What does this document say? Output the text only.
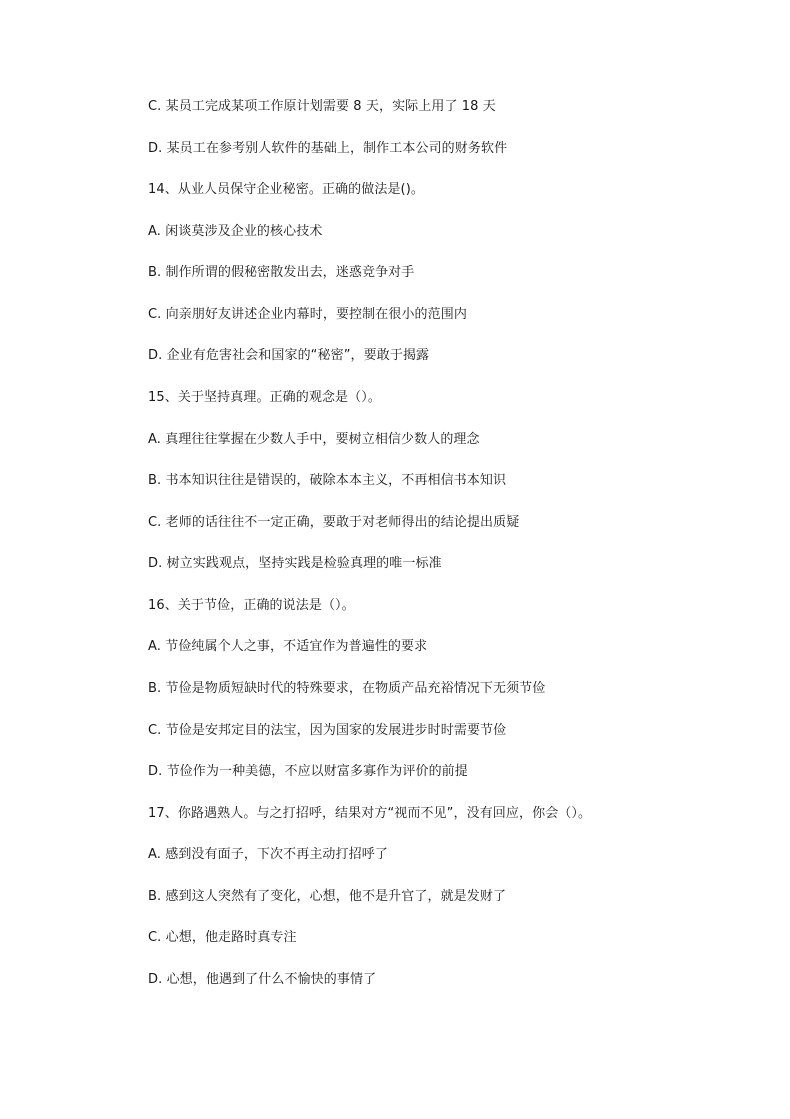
C. 某员工完成某项工作原计划需要 8 天，实际上用了 18 天
D. 某员工在参考别人软件的基础上，制作工本公司的财务软件
14、从业人员保守企业秘密。正确的做法是()。
A. 闲谈莫涉及企业的核心技术
B. 制作所谓的假秘密散发出去，迷惑竞争对手
C. 向亲朋好友讲述企业内幕时，要控制在很小的范围内
D. 企业有危害社会和国家的“秘密”，要敢于揭露
15、关于坚持真理。正确的观念是（）。
A. 真理往往掌握在少数人手中，要树立相信少数人的理念
B. 书本知识往往是错误的，破除本本主义，不再相信书本知识
C. 老师的话往往不一定正确，要敢于对老师得出的结论提出质疑
D. 树立实践观点，坚持实践是检验真理的唯一标准
16、关于节俭，正确的说法是（）。
A. 节俭纯属个人之事，不适宜作为普遍性的要求
B. 节俭是物质短缺时代的特殊要求，在物质产品充裕情况下无须节俭
C. 节俭是安邦定目的法宝，因为国家的发展进步时时需要节俭
D. 节俭作为一种美德，不应以财富多寡作为评价的前提
17、你路遇熟人。与之打招呼，结果对方“视而不见”，没有回应，你会（）。
A. 感到没有面子，下次不再主动打招呼了
B. 感到这人突然有了变化，心想，他不是升官了，就是发财了
C. 心想，他走路时真专注
D. 心想，他遇到了什么不愉快的事情了
